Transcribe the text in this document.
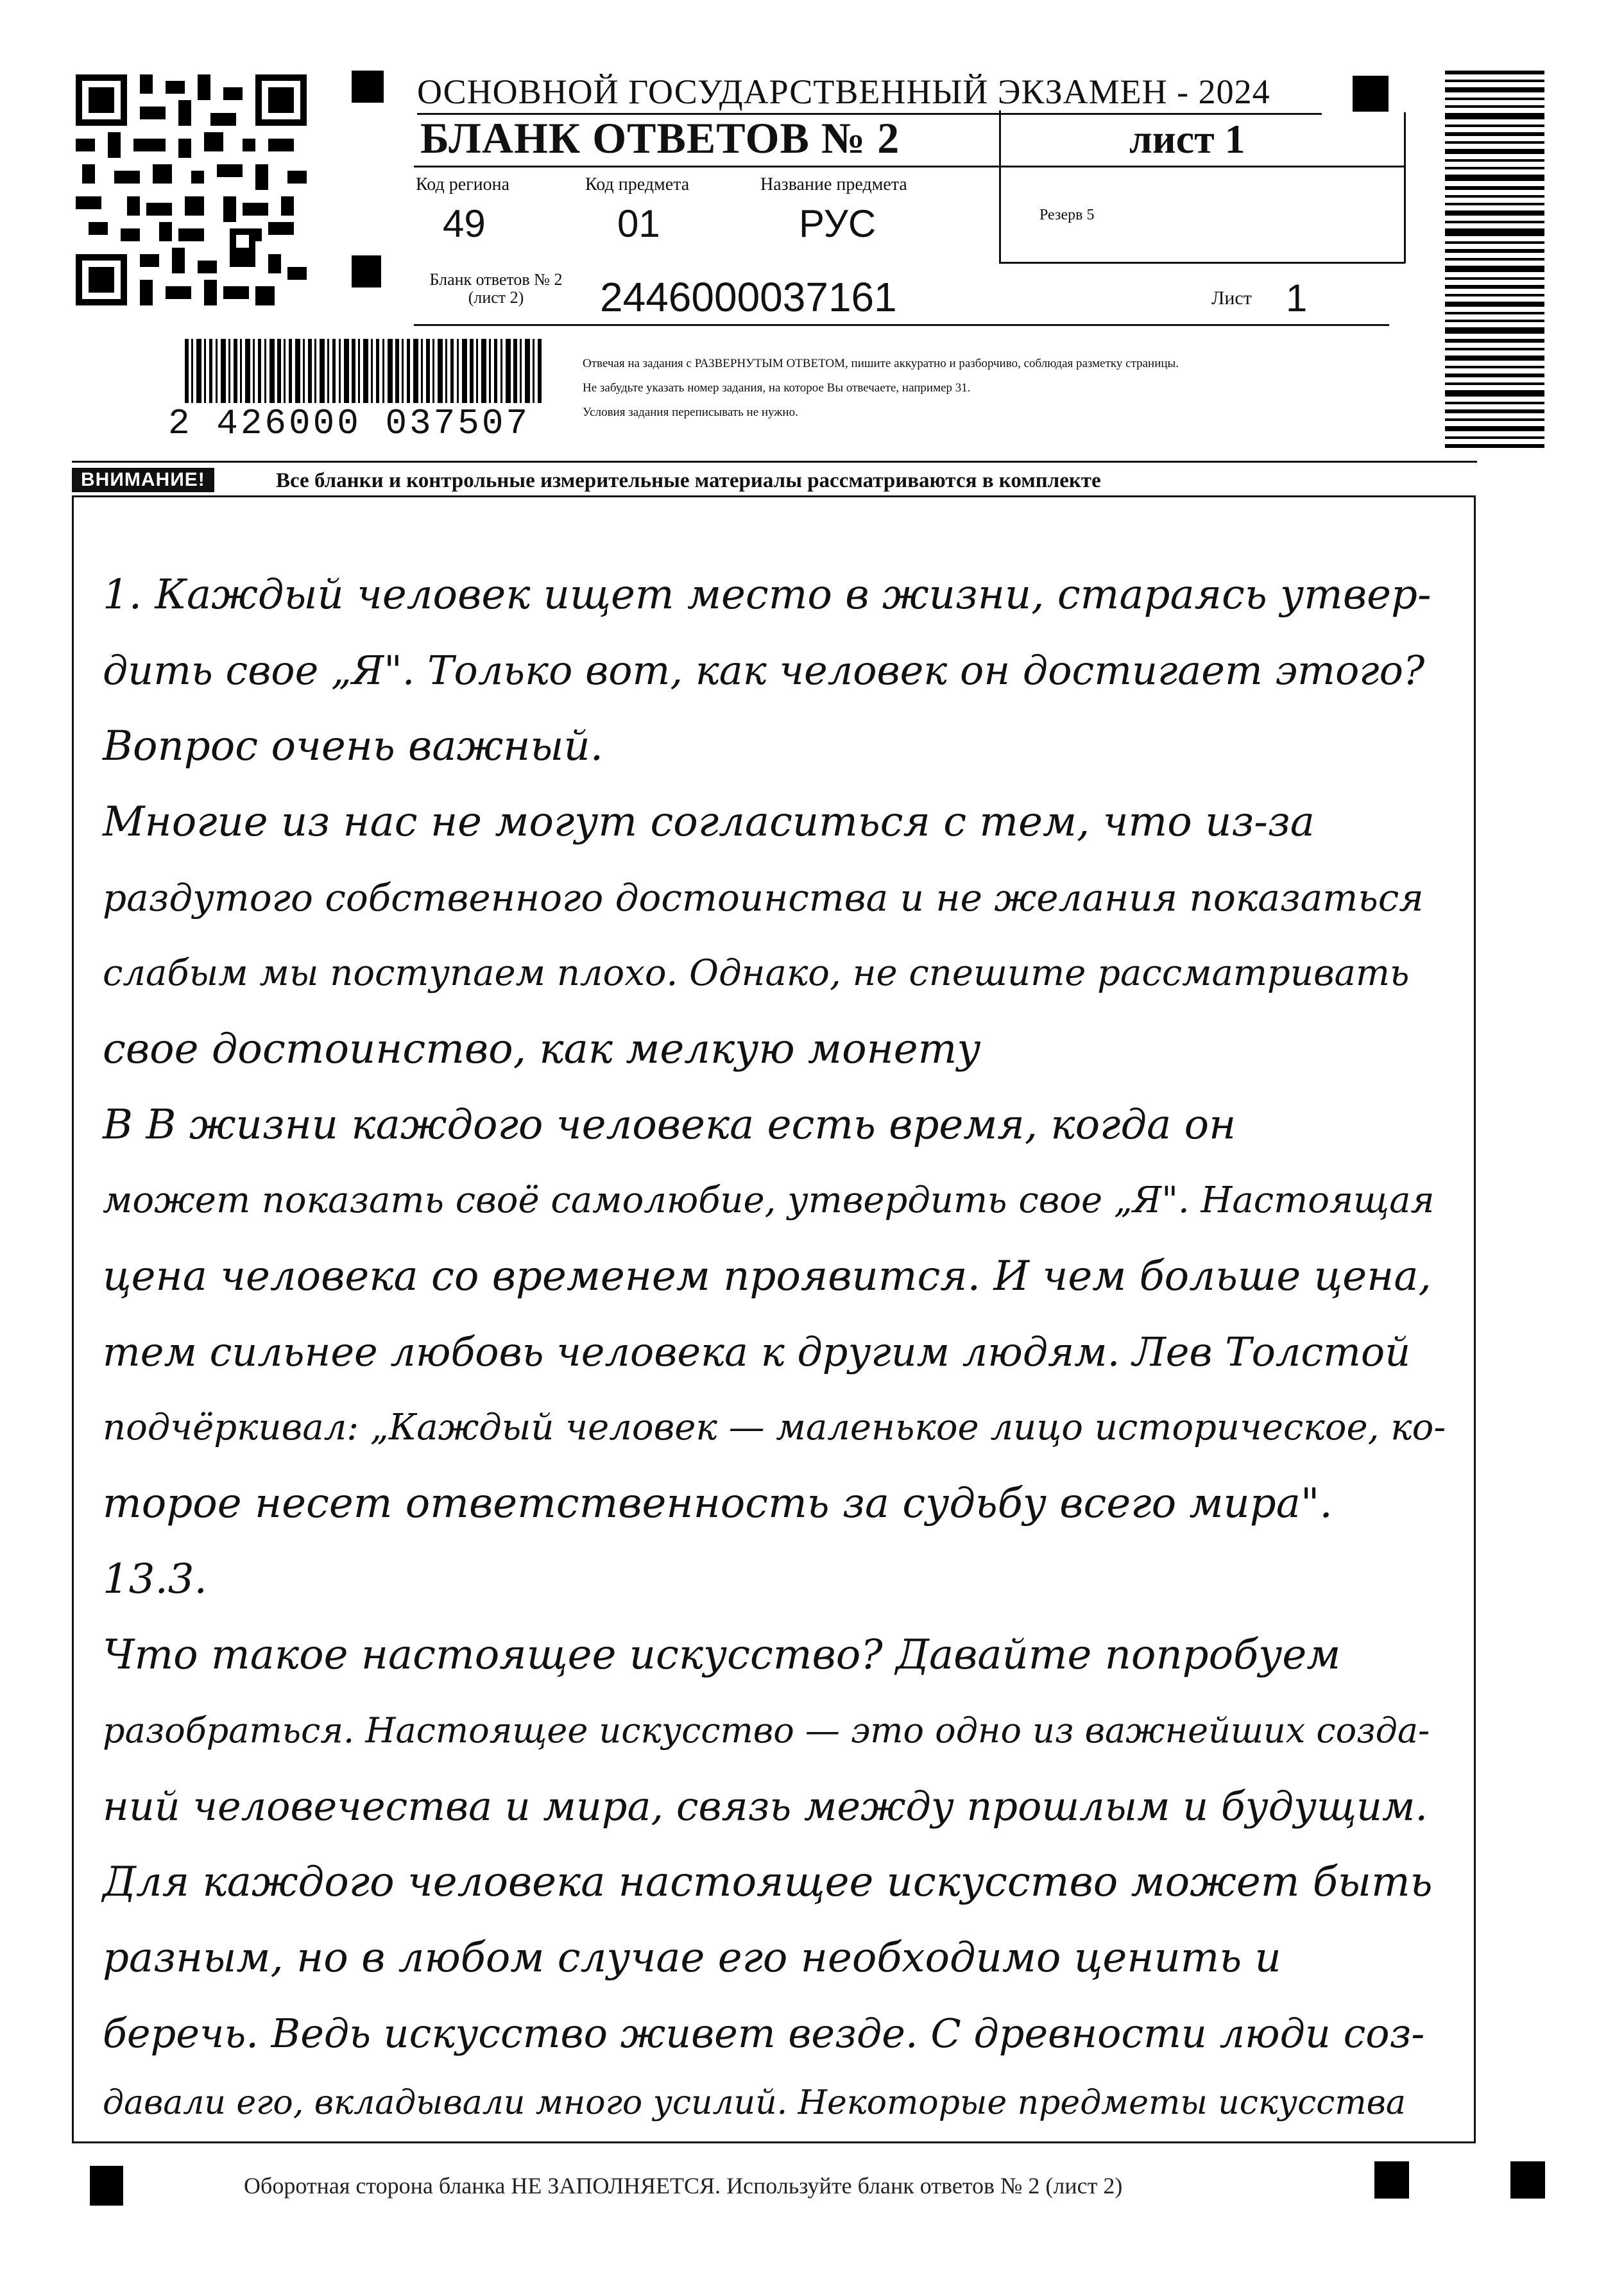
ОСНОВНОЙ ГОСУДАРСТВЕННЫЙ ЭКЗАМЕН - 2024
БЛАНК ОТВЕТОВ № 2	лист 1
Код региона
49
Код предмета
01
Название предмета
РУС	Резерв 5
Бланк ответов № 2
(лист 2)	2446000037161	Лист 1
2 426000 037507
Отвечая на задания с РАЗВЕРНУТЫМ ОТВЕТОМ, пишите аккуратно и разборчиво, соблюдая разметку страницы.
Не забудьте указать номер задания, на которое Вы отвечаете, например 31.
Условия задания переписывать не нужно.
ВНИМАНИЕ!	Все бланки и контрольные измерительные материалы рассматриваются в комплекте
1. Каждый человек ищет место в жизни, стараясь утвер-
дить свое „Я". Только вот, как человек он достигает этого?
Вопрос очень важный.
Многие из нас не могут согласиться с тем, что из-за
раздутого собственного достоинства и не желания показаться
слабым мы поступаем плохо. Однако, не спешите рассматривать
свое достоинство, как мелкую монету
В В жизни каждого человека есть время, когда он
может показать своё самолюбие, утвердить свое „Я". Настоящая
цена человека со временем проявится. И чем больше цена,
тем сильнее любовь человека к другим людям. Лев Толстой
подчёркивал: „Каждый человек — маленькое лицо историческое, ко-
торое несет ответственность за судьбу всего мира".
13.3.
Что такое настоящее искусство? Давайте попробуем
разобраться. Настоящее искусство — это одно из важнейших созда-
ний человечества и мира, связь между прошлым и будущим.
Для каждого человека настоящее искусство может быть
разным, но в любом случае его необходимо ценить и
беречь. Ведь искусство живет везде. С древности люди соз-
давали его, вкладывали много усилий. Некоторые предметы искусства
Оборотная сторона бланка НЕ ЗАПОЛНЯЕТСЯ. Используйте бланк ответов № 2 (лист 2)
